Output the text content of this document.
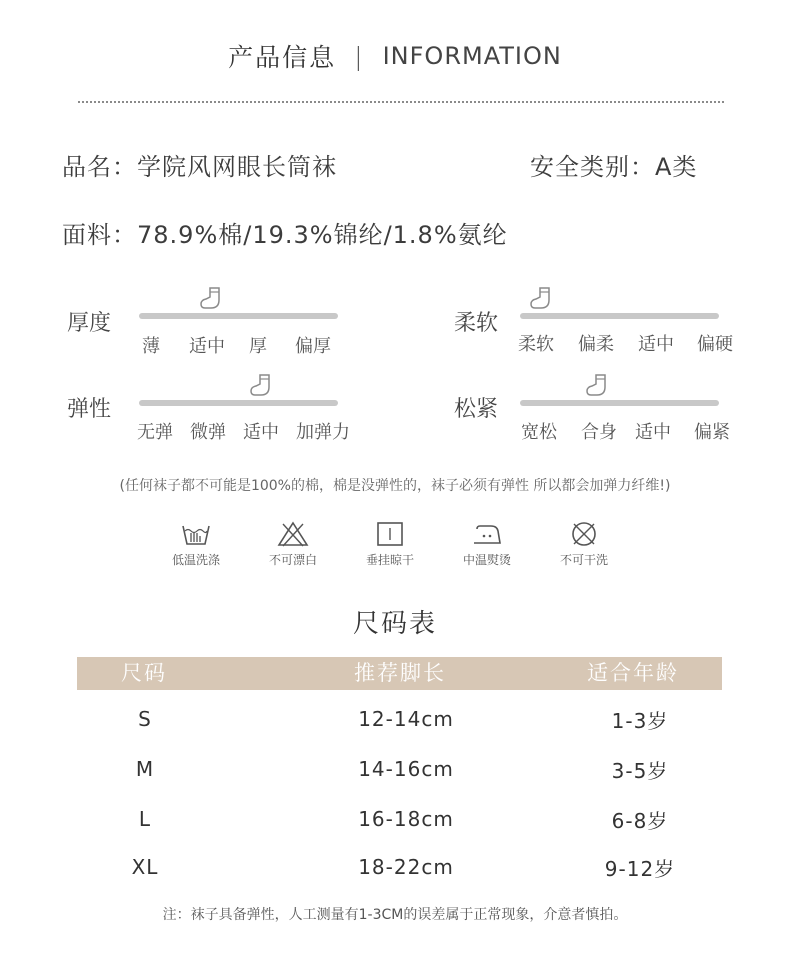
产品信息 | INFORMATION
品名：学院风网眼长筒袜	安全类别：A类
面料：78.9%棉/19.3%锦纶/1.8%氨纶
厚度
薄 适中 厚 偏厚
柔软
柔软 偏柔 适中 偏硬
弹性
无弹 微弹 适中 加弹力
松紧
宽松 合身 适中 偏紧
(任何袜子都不可能是100%的棉，棉是没弹性的，袜子必须有弹性 所以都会加弹力纤维!)
低温洗涤	不可漂白	垂挂晾干	中温熨烫	不可干洗
尺码表
尺码	推荐脚长	适合年龄
S	12-14cm	1-3岁
M	14-16cm	3-5岁
L	16-18cm	6-8岁
XL	18-22cm	9-12岁
注：袜子具备弹性，人工测量有1-3CM的误差属于正常现象，介意者慎拍。
